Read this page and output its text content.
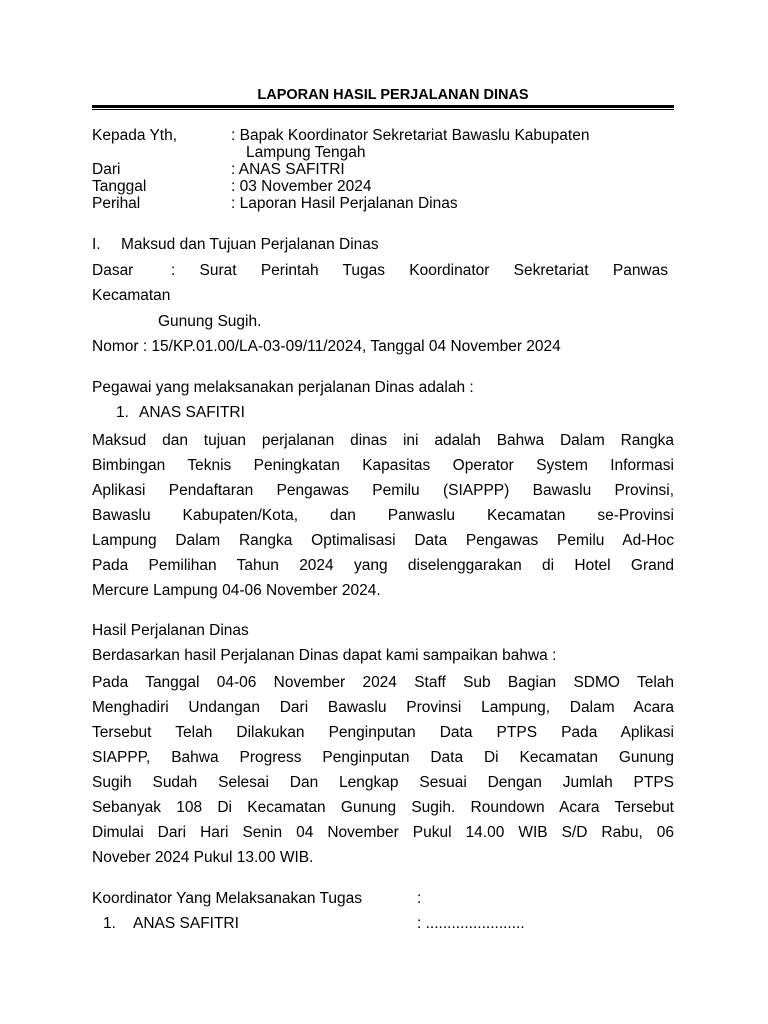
LAPORAN HASIL PERJALANAN DINAS
Kepada Yth,	: Bapak Koordinator Sekretariat Bawaslu Kabupaten
Lampung Tengah
Dari	: ANAS SAFITRI
Tanggal	: 03 November 2024
Perihal	: Laporan Hasil Perjalanan Dinas
I. Maksud dan Tujuan Perjalanan Dinas
Dasar : Surat Perintah Tugas Koordinator Sekretariat Panwas
Kecamatan
Gunung Sugih.
Nomor : 15/KP.01.00/LA-03-09/11/2024, Tanggal 04 November 2024
Pegawai yang melaksanakan perjalanan Dinas adalah :
1. ANAS SAFITRI
Maksud dan tujuan perjalanan dinas ini adalah Bahwa Dalam Rangka
Bimbingan Teknis Peningkatan Kapasitas Operator System Informasi
Aplikasi Pendaftaran Pengawas Pemilu (SIAPPP) Bawaslu Provinsi,
Bawaslu Kabupaten/Kota, dan Panwaslu Kecamatan se-Provinsi
Lampung Dalam Rangka Optimalisasi Data Pengawas Pemilu Ad-Hoc
Pada Pemilihan Tahun 2024 yang diselenggarakan di Hotel Grand
Mercure Lampung 04-06 November 2024.
Hasil Perjalanan Dinas
Berdasarkan hasil Perjalanan Dinas dapat kami sampaikan bahwa :
Pada Tanggal 04-06 November 2024 Staff Sub Bagian SDMO Telah
Menghadiri Undangan Dari Bawaslu Provinsi Lampung, Dalam Acara
Tersebut Telah Dilakukan Penginputan Data PTPS Pada Aplikasi
SIAPPP, Bahwa Progress Penginputan Data Di Kecamatan Gunung
Sugih Sudah Selesai Dan Lengkap Sesuai Dengan Jumlah PTPS
Sebanyak 108 Di Kecamatan Gunung Sugih. Roundown Acara Tersebut
Dimulai Dari Hari Senin 04 November Pukul 14.00 WIB S/D Rabu, 06
Noveber 2024 Pukul 13.00 WIB.
Koordinator Yang Melaksanakan Tugas	:
1. ANAS SAFITRI	: .......................
